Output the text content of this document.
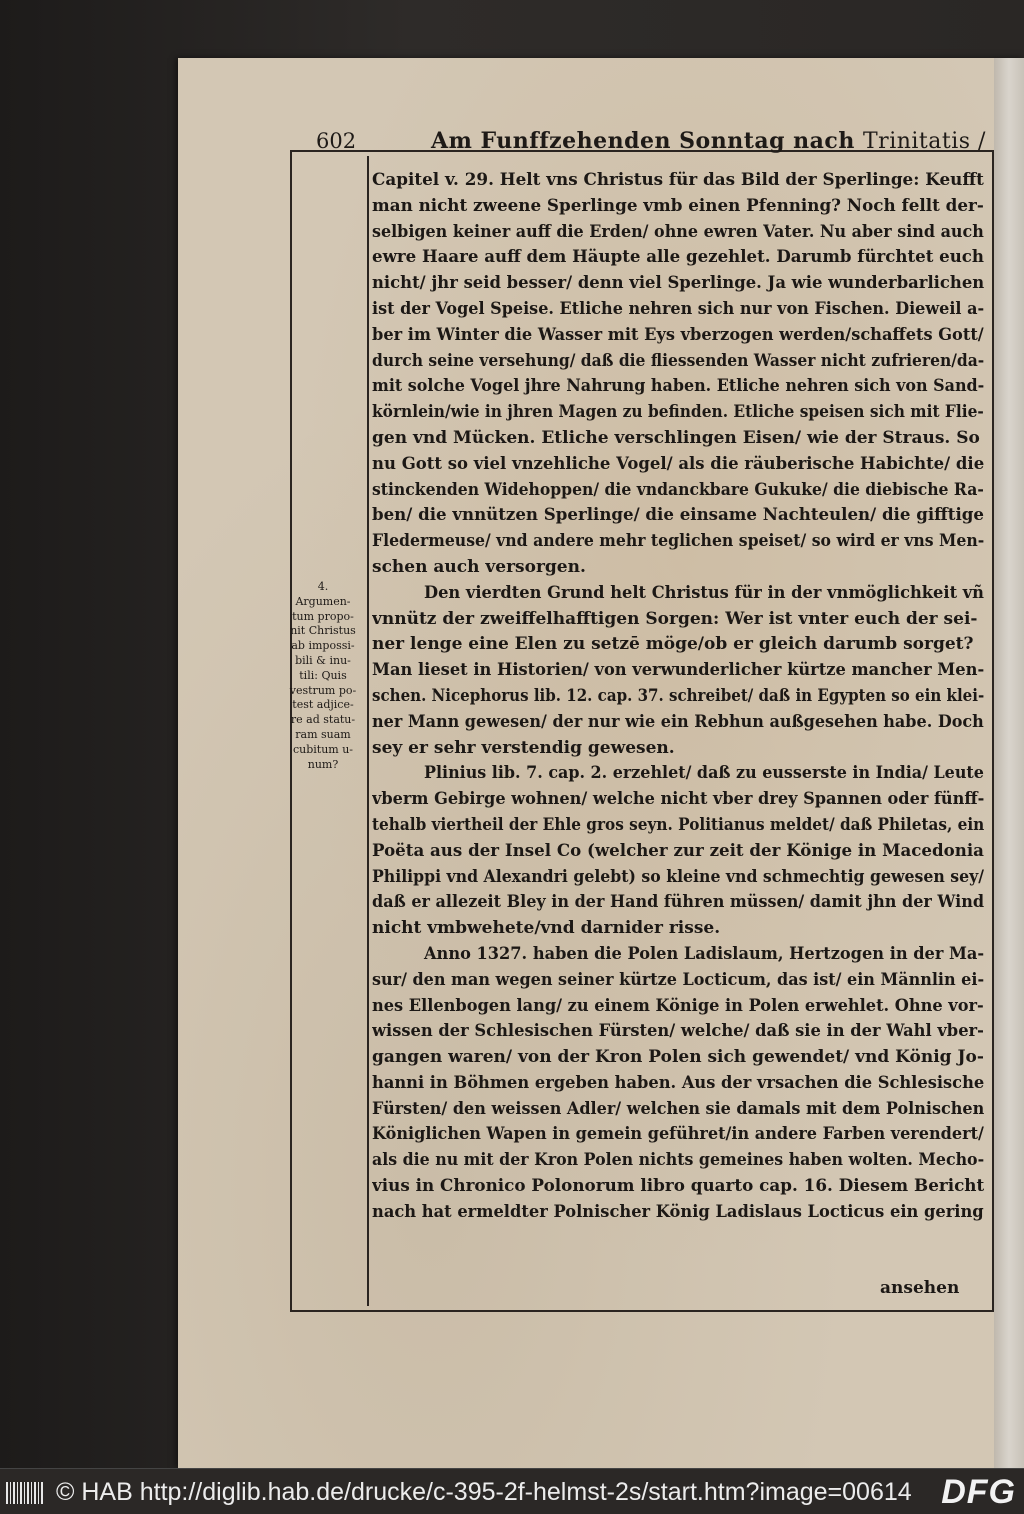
602	Am Funffzehenden Sonntag nach Trinitatis /
4.
Argumen-
tum propo-
nit Christus
ab impossi-
bili & inu-
tili: Quis
vestrum po-
test adjice-
re ad statu-
ram suam
cubitum u-
num?
Capitel v. 29. Helt vns Christus für das Bild der Sperlinge: Keufft
man nicht zweene Sperlinge vmb einen Pfenning? Noch fellt der-
selbigen keiner auff die Erden/ ohne ewren Vater. Nu aber sind auch
ewre Haare auff dem Häupte alle gezehlet. Darumb fürchtet euch
nicht/ jhr seid besser/ denn viel Sperlinge. Ja wie wunderbarlichen
ist der Vogel Speise. Etliche nehren sich nur von Fischen. Dieweil a-
ber im Winter die Wasser mit Eys vberzogen werden/schaffets Gott/
durch seine versehung/ daß die fliessenden Wasser nicht zufrieren/da-
mit solche Vogel jhre Nahrung haben. Etliche nehren sich von Sand-
körnlein/wie in jhren Magen zu befinden. Etliche speisen sich mit Flie-
gen vnd Mücken. Etliche verschlingen Eisen/ wie der Straus. So
nu Gott so viel vnzehliche Vogel/ als die räuberische Habichte/ die
stinckenden Widehoppen/ die vndanckbare Gukuke/ die diebische Ra-
ben/ die vnnützen Sperlinge/ die einsame Nachteulen/ die gifftige
Fledermeuse/ vnd andere mehr teglichen speiset/ so wird er vns Men-
schen auch versorgen.
Den vierdten Grund helt Christus für in der vnmöglichkeit vñ
vnnütz der zweiffelhafftigen Sorgen: Wer ist vnter euch der sei-
ner lenge eine Elen zu setzē möge/ob er gleich darumb sorget?
Man lieset in Historien/ von verwunderlicher kürtze mancher Men-
schen. Nicephorus lib. 12. cap. 37. schreibet/ daß in Egypten so ein klei-
ner Mann gewesen/ der nur wie ein Rebhun außgesehen habe. Doch
sey er sehr verstendig gewesen.
Plinius lib. 7. cap. 2. erzehlet/ daß zu eusserste in India/ Leute
vberm Gebirge wohnen/ welche nicht vber drey Spannen oder fünff-
tehalb viertheil der Ehle gros seyn. Politianus meldet/ daß Philetas, ein
Poëta aus der Insel Co (welcher zur zeit der Könige in Macedonia
Philippi vnd Alexandri gelebt) so kleine vnd schmechtig gewesen sey/
daß er allezeit Bley in der Hand führen müssen/ damit jhn der Wind
nicht vmbwehete/vnd darnider risse.
Anno 1327. haben die Polen Ladislaum, Hertzogen in der Ma-
sur/ den man wegen seiner kürtze Locticum, das ist/ ein Männlin ei-
nes Ellenbogen lang/ zu einem Könige in Polen erwehlet. Ohne vor-
wissen der Schlesischen Fürsten/ welche/ daß sie in der Wahl vber-
gangen waren/ von der Kron Polen sich gewendet/ vnd König Jo-
hanni in Böhmen ergeben haben. Aus der vrsachen die Schlesische
Fürsten/ den weissen Adler/ welchen sie damals mit dem Polnischen
Königlichen Wapen in gemein geführet/in andere Farben verendert/
als die nu mit der Kron Polen nichts gemeines haben wolten. Mecho-
vius in Chronico Polonorum libro quarto cap. 16. Diesem Bericht
nach hat ermeldter Polnischer König Ladislaus Locticus ein gering
ansehen
© HAB http://diglib.hab.de/drucke/c-395-2f-helmst-2s/start.htm?image=00614 DFG
